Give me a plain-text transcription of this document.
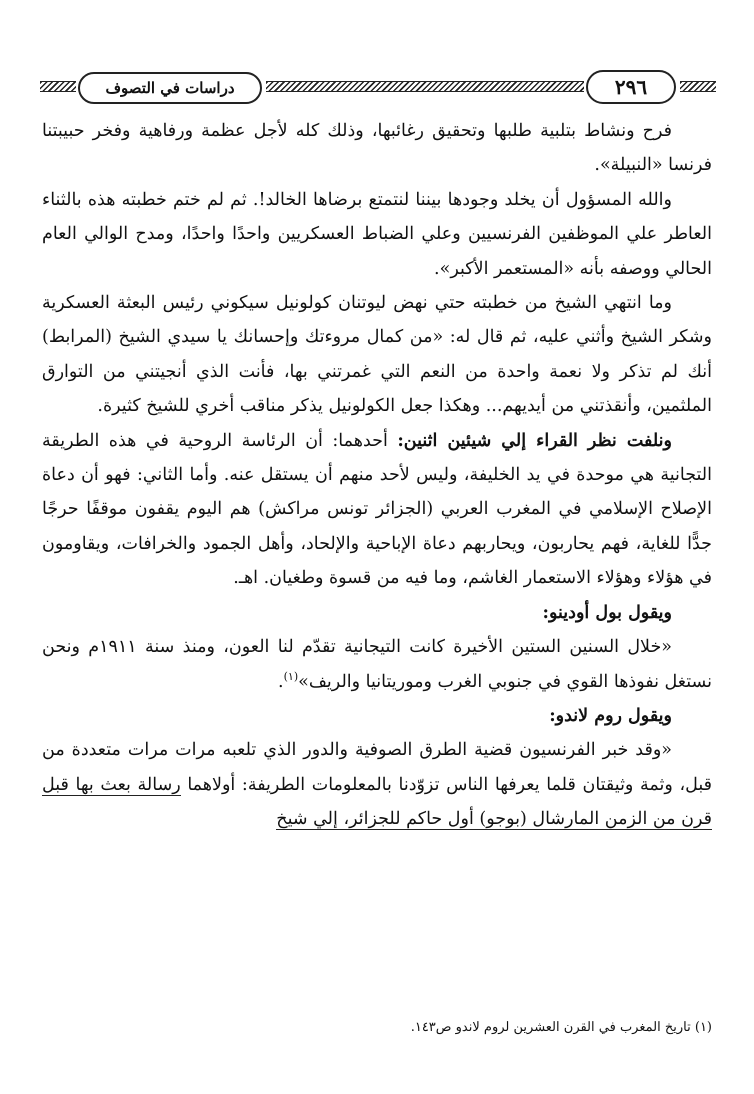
دراسات في التصوف	٢٩٦

فرح ونشاط بتلبية طلبها وتحقيق رغائبها، وذلك كله لأجل عظمة ورفاهية وفخر حبيبتنا فرنسا «النبيلة».

والله المسؤول أن يخلد وجودها بيننا لنتمتع برضاها الخالد!. ثم لم ختم خطبته هذه بالثناء العاطر علي الموظفين الفرنسيين وعلي الضباط العسكريين واحدًا واحدًا، ومدح الوالي العام الحالي ووصفه بأنه «المستعمر الأكبر».

وما انتهي الشيخ من خطبته حتي نهض ليوتنان كولونيل سيكوني رئيس البعثة العسكرية وشكر الشيخ وأثني عليه، ثم قال له: «من كمال مروءتك وإحسانك يا سيدي الشيخ (المرابط) أنك لم تذكر ولا نعمة واحدة من النعم التي غمرتني بها، فأنت الذي أنجيتني من التوارق الملثمين، وأنقذتني من أيديهم... وهكذا جعل الكولونيل يذكر مناقب أخري للشيخ كثيرة.

ونلفت نظر القراء إلي شيئين اثنين: أحدهما: أن الرئاسة الروحية في هذه الطريقة التجانية هي موحدة في يد الخليفة، وليس لأحد منهم أن يستقل عنه. وأما الثاني: فهو أن دعاة الإصلاح الإسلامي في المغرب العربي (الجزائر تونس مراكش) هم اليوم يقفون موقفًا حرجًا جدًّا للغاية، فهم يحاربون، ويحاربهم دعاة الإباحية والإلحاد، وأهل الجمود والخرافات، ويقاومون في هؤلاء وهؤلاء الاستعمار الغاشم، وما فيه من قسوة وطغيان. اهـ.

ويقول بول أودينو:

«خلال السنين الستين الأخيرة كانت التيجانية تقدّم لنا العون، ومنذ سنة ١٩١١م ونحن نستغل نفوذها القوي في جنوبي الغرب وموريتانيا والريف»$^{(١)}$.

ويقول روم لاندو:

«وقد خبر الفرنسيون قضية الطرق الصوفية والدور الذي تلعبه مرات مرات متعددة من قبل، وثمة وثيقتان قلما يعرفها الناس تزوّدنا بالمعلومات الطريفة: أولاهما رسالة بعث بها قبل قرن من الزمن المارشال (بوجو) أول حاكم للجزائر، إلي شيخ

(١) تاريخ المغرب في القرن العشرين لروم لاندو ص١٤٣.
